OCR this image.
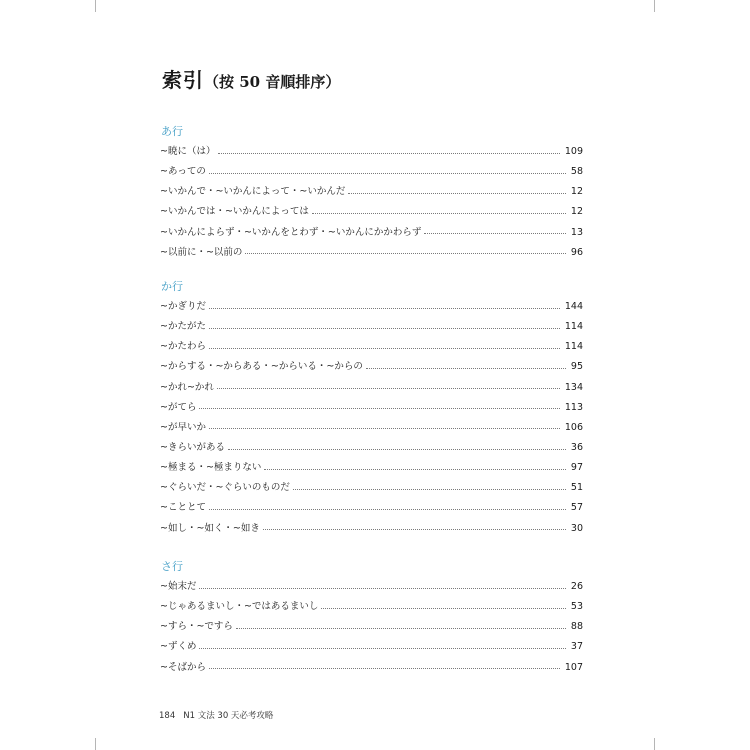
索引（按 50 音順排序）
あ行
~暁に（は）	109
~あっての	58
~いかんで・~いかんによって・~いかんだ	12
~いかんでは・~いかんによっては	12
~いかんによらず・~いかんをとわず・~いかんにかかわらず	13
~以前に・~以前の	96
か行
~かぎりだ	144
~かたがた	114
~かたわら	114
~からする・~からある・~からいる・~からの	95
~かれ~かれ	134
~がてら	113
~が早いか	106
~きらいがある	36
~極まる・~極まりない	97
~ぐらいだ・~ぐらいのものだ	51
~こととて	57
~如し・~如く・~如き	30
さ行
~始末だ	26
~じゃあるまいし・~ではあるまいし	53
~すら・~ですら	88
~ずくめ	37
~そばから	107
184 N1 文法 30 天必考攻略
